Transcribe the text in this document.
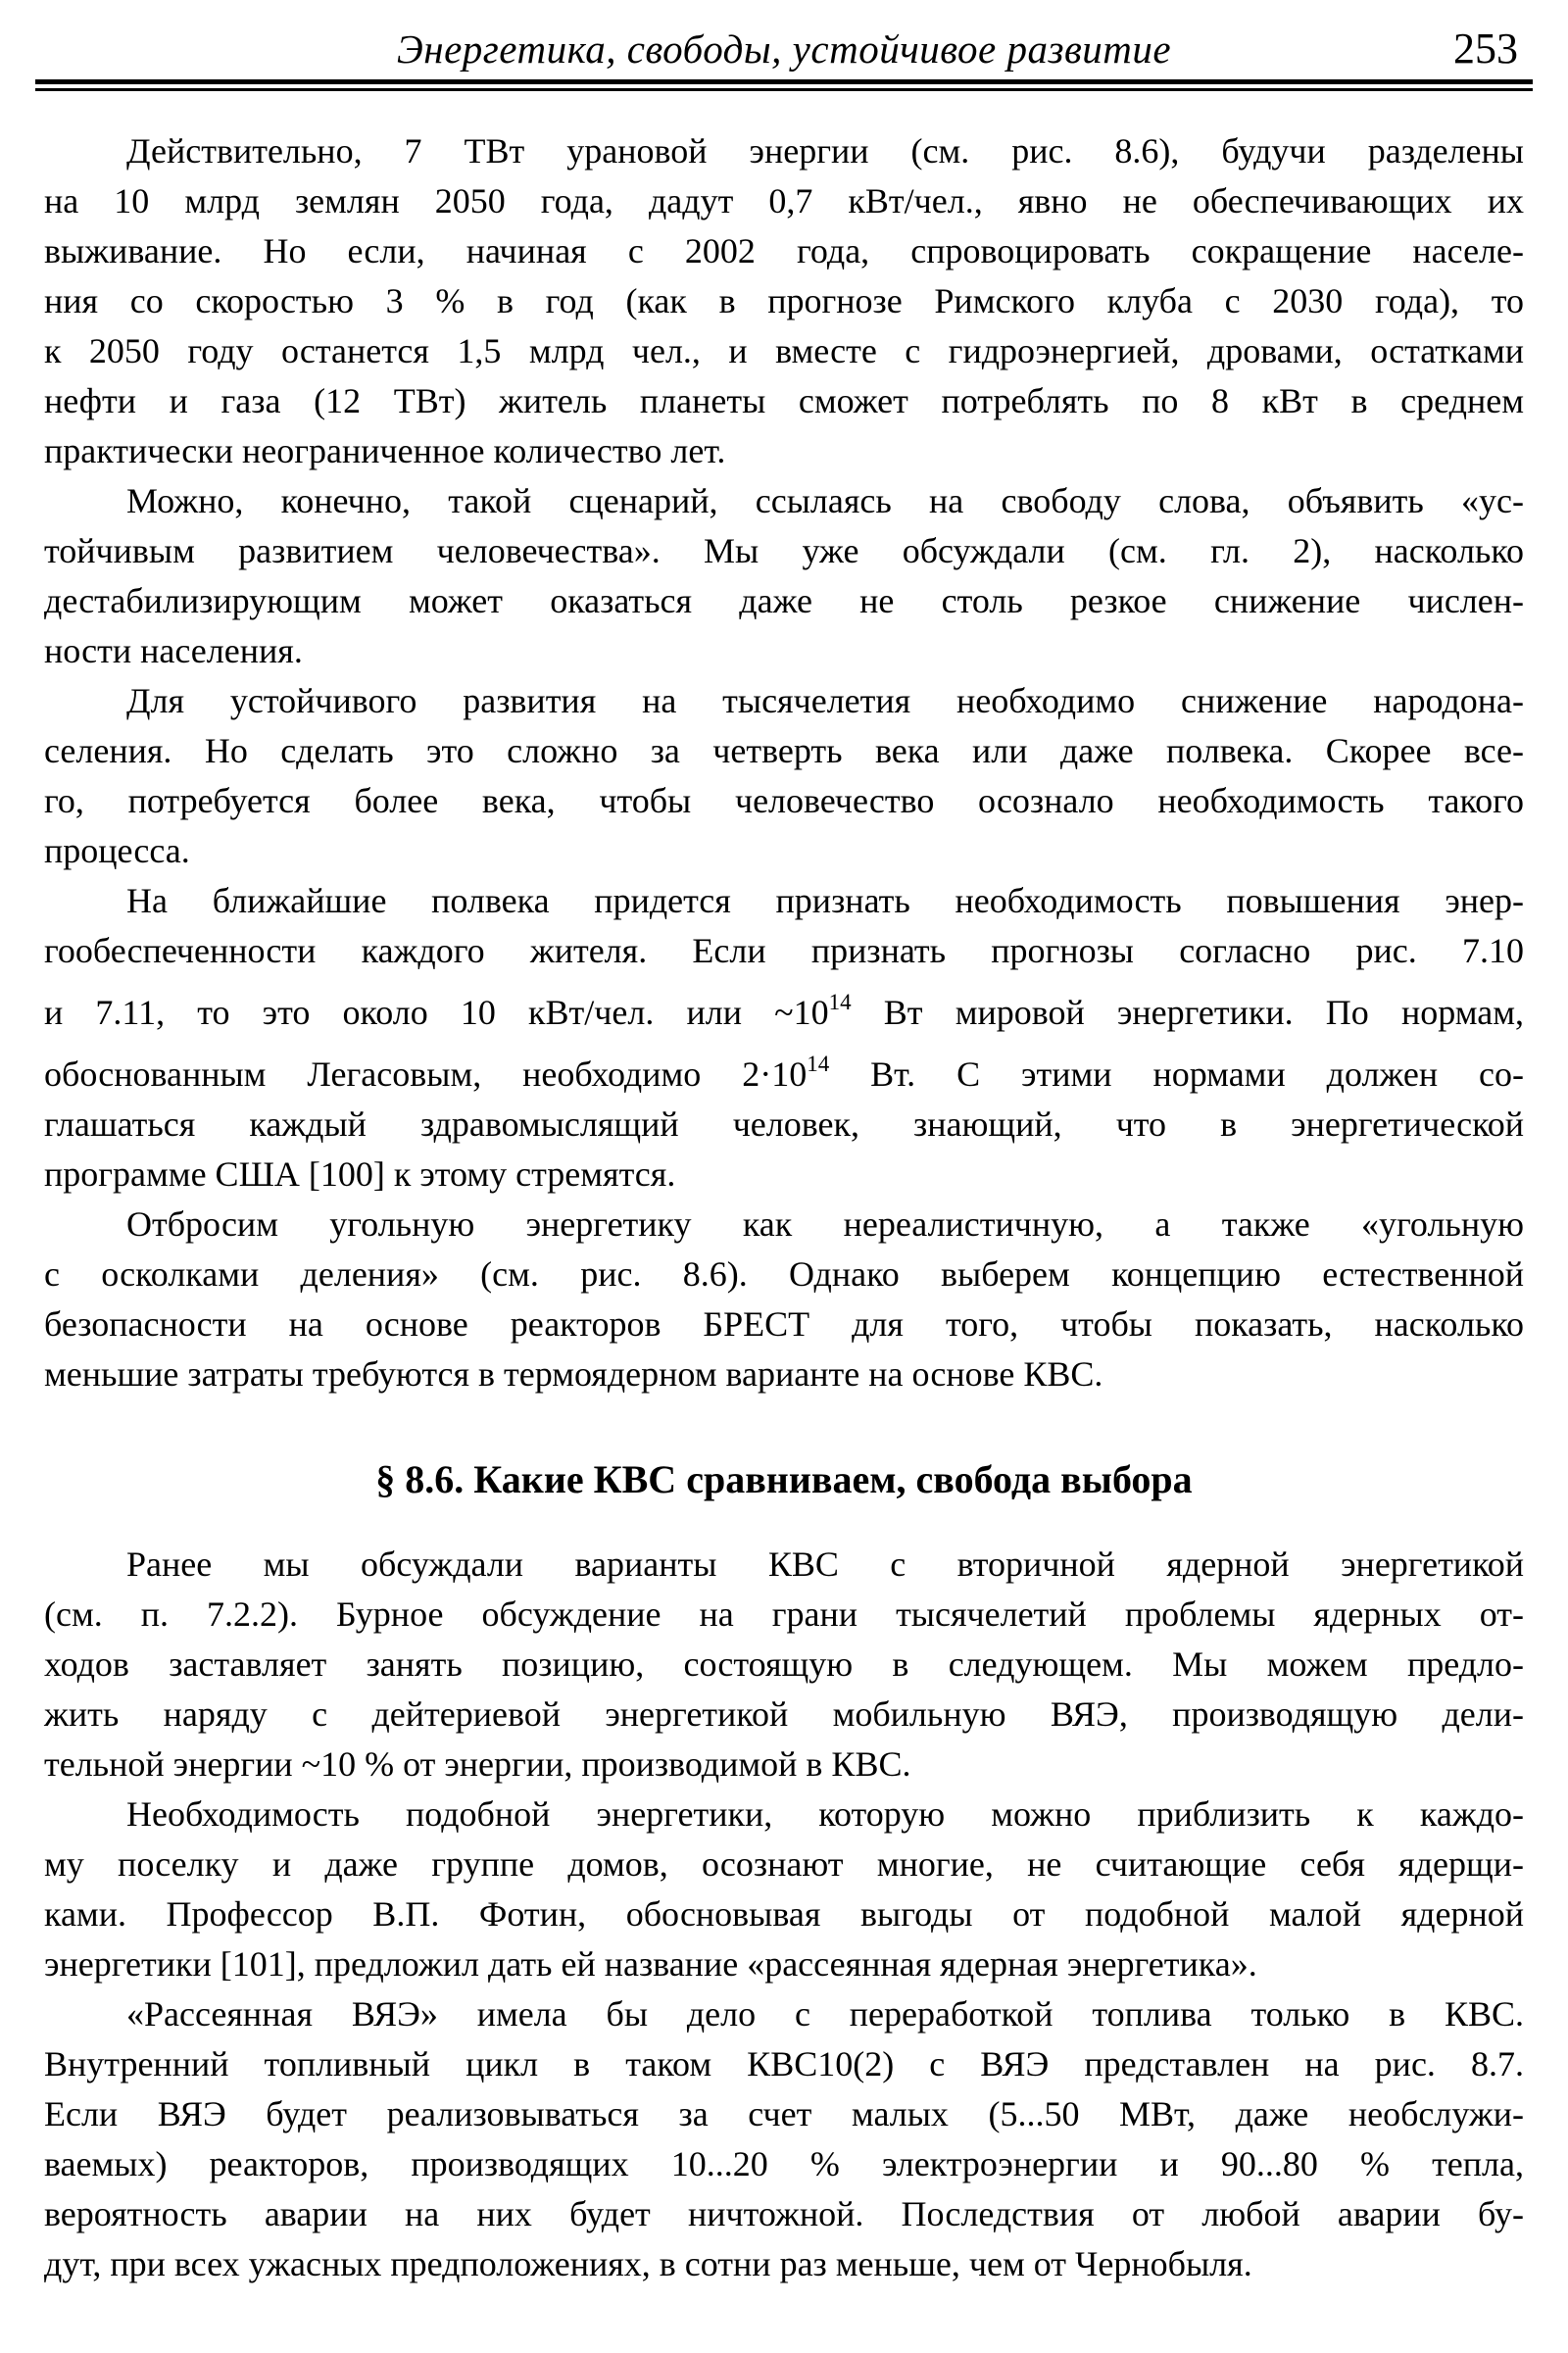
Энергетика, свободы, устойчивое развитие	253
Действительно, 7 ТВт урановой энергии (см. рис. 8.6), будучи разделены
на 10 млрд землян 2050 года, дадут 0,7 кВт/чел., явно не обеспечивающих их
выживание. Но если, начиная с 2002 года, спровоцировать сокращение населе-
ния со скоростью 3 % в год (как в прогнозе Римского клуба с 2030 года), то
к 2050 году останется 1,5 млрд чел., и вместе с гидроэнергией, дровами, остатками
нефти и газа (12 ТВт) житель планеты сможет потреблять по 8 кВт в среднем
практически неограниченное количество лет.
Можно, конечно, такой сценарий, ссылаясь на свободу слова, объявить «ус-
тойчивым развитием человечества». Мы уже обсуждали (см. гл. 2), насколько
дестабилизирующим может оказаться даже не столь резкое снижение числен-
ности населения.
Для устойчивого развития на тысячелетия необходимо снижение народона-
селения. Но сделать это сложно за четверть века или даже полвека. Скорее все-
го, потребуется более века, чтобы человечество осознало необходимость такого
процесса.
На ближайшие полвека придется признать необходимость повышения энер-
гообеспеченности каждого жителя. Если признать прогнозы согласно рис. 7.10
и 7.11, то это около 10 кВт/чел. или $\sim 10^{14}$ Вт мировой энергетики. По нормам,
обоснованным Легасовым, необходимо $2\cdot 10^{14}$ Вт. С этими нормами должен со-
глашаться каждый здравомыслящий человек, знающий, что в энергетической
программе США [100] к этому стремятся.
Отбросим угольную энергетику как нереалистичную, а также «угольную
с осколками деления» (см. рис. 8.6). Однако выберем концепцию естественной
безопасности на основе реакторов БРЕСТ для того, чтобы показать, насколько
меньшие затраты требуются в термоядерном варианте на основе КВС.
§ 8.6. Какие КВС сравниваем, свобода выбора
Ранее мы обсуждали варианты КВС с вторичной ядерной энергетикой
(см. п. 7.2.2). Бурное обсуждение на грани тысячелетий проблемы ядерных от-
ходов заставляет занять позицию, состоящую в следующем. Мы можем предло-
жить наряду с дейтериевой энергетикой мобильную ВЯЭ, производящую дели-
тельной энергии ~10 % от энергии, производимой в КВС.
Необходимость подобной энергетики, которую можно приблизить к каждо-
му поселку и даже группе домов, осознают многие, не считающие себя ядерщи-
ками. Профессор В.П. Фотин, обосновывая выгоды от подобной малой ядерной
энергетики [101], предложил дать ей название «рассеянная ядерная энергетика».
«Рассеянная ВЯЭ» имела бы дело с переработкой топлива только в КВС.
Внутренний топливный цикл в таком КВС10(2) с ВЯЭ представлен на рис. 8.7.
Если ВЯЭ будет реализовываться за счет малых (5...50 МВт, даже необслужи-
ваемых) реакторов, производящих 10...20 % электроэнергии и 90...80 % тепла,
вероятность аварии на них будет ничтожной. Последствия от любой аварии бу-
дут, при всех ужасных предположениях, в сотни раз меньше, чем от Чернобыля.
